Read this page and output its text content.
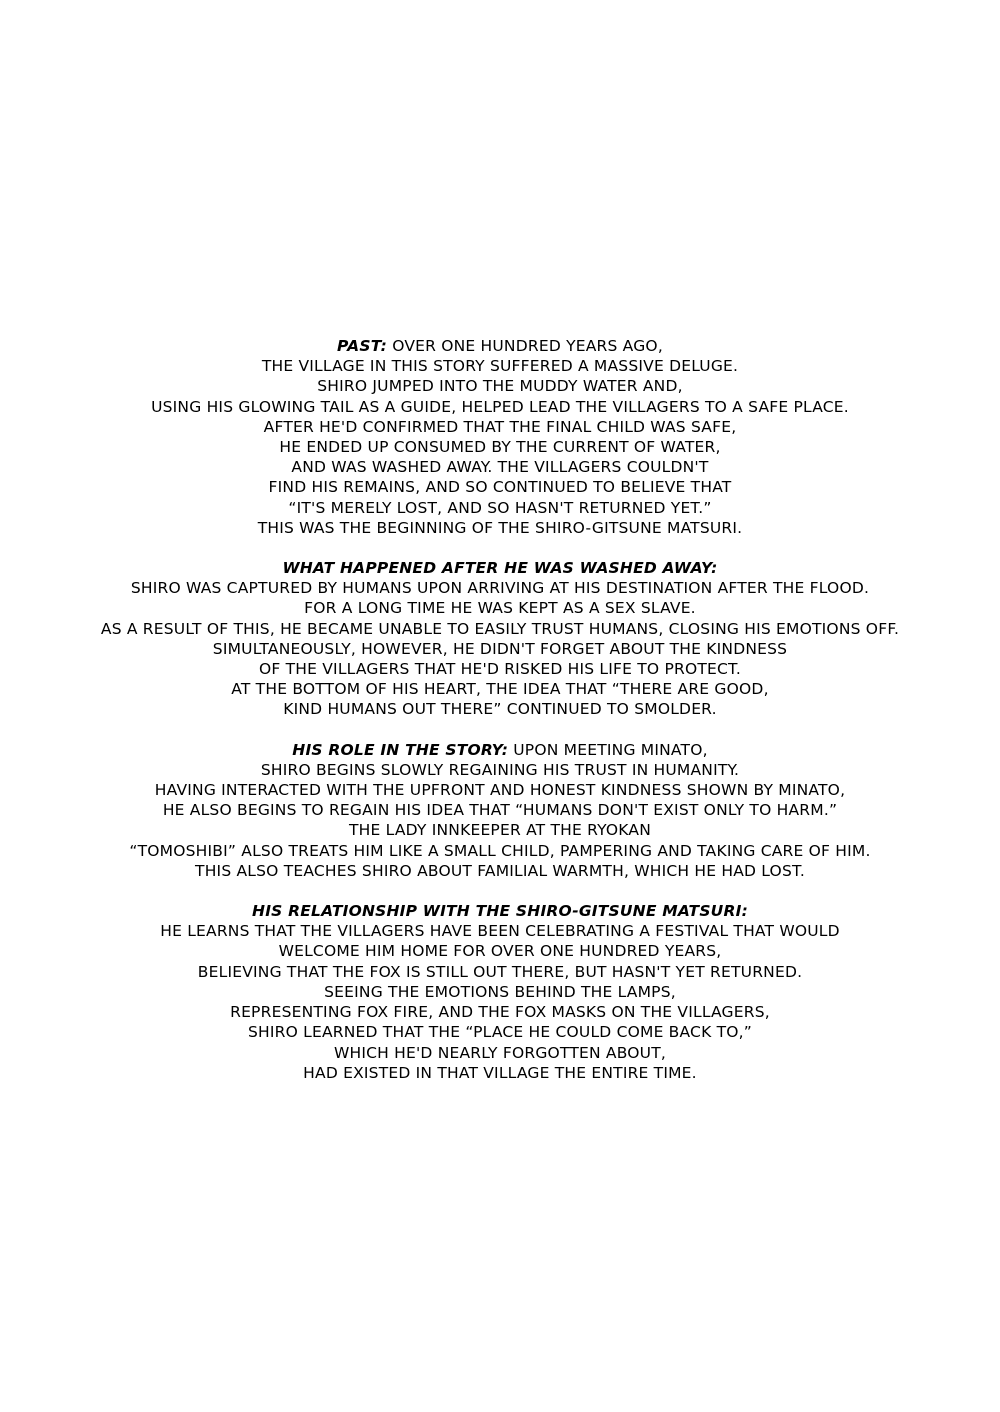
PAST: OVER ONE HUNDRED YEARS AGO,
THE VILLAGE IN THIS STORY SUFFERED A MASSIVE DELUGE.
SHIRO JUMPED INTO THE MUDDY WATER AND,
USING HIS GLOWING TAIL AS A GUIDE, HELPED LEAD THE VILLAGERS TO A SAFE PLACE.
AFTER HE'D CONFIRMED THAT THE FINAL CHILD WAS SAFE,
HE ENDED UP CONSUMED BY THE CURRENT OF WATER,
AND WAS WASHED AWAY. THE VILLAGERS COULDN'T
FIND HIS REMAINS, AND SO CONTINUED TO BELIEVE THAT
“IT'S MERELY LOST, AND SO HASN'T RETURNED YET.”
THIS WAS THE BEGINNING OF THE SHIRO-GITSUNE MATSURI.
WHAT HAPPENED AFTER HE WAS WASHED AWAY:
SHIRO WAS CAPTURED BY HUMANS UPON ARRIVING AT HIS DESTINATION AFTER THE FLOOD.
FOR A LONG TIME HE WAS KEPT AS A SEX SLAVE.
AS A RESULT OF THIS, HE BECAME UNABLE TO EASILY TRUST HUMANS, CLOSING HIS EMOTIONS OFF.
SIMULTANEOUSLY, HOWEVER, HE DIDN'T FORGET ABOUT THE KINDNESS
OF THE VILLAGERS THAT HE'D RISKED HIS LIFE TO PROTECT.
AT THE BOTTOM OF HIS HEART, THE IDEA THAT “THERE ARE GOOD,
KIND HUMANS OUT THERE” CONTINUED TO SMOLDER.
HIS ROLE IN THE STORY: UPON MEETING MINATO,
SHIRO BEGINS SLOWLY REGAINING HIS TRUST IN HUMANITY.
HAVING INTERACTED WITH THE UPFRONT AND HONEST KINDNESS SHOWN BY MINATO,
HE ALSO BEGINS TO REGAIN HIS IDEA THAT “HUMANS DON'T EXIST ONLY TO HARM.”
THE LADY INNKEEPER AT THE RYOKAN
“TOMOSHIBI” ALSO TREATS HIM LIKE A SMALL CHILD, PAMPERING AND TAKING CARE OF HIM.
THIS ALSO TEACHES SHIRO ABOUT FAMILIAL WARMTH, WHICH HE HAD LOST.
HIS RELATIONSHIP WITH THE SHIRO-GITSUNE MATSURI:
HE LEARNS THAT THE VILLAGERS HAVE BEEN CELEBRATING A FESTIVAL THAT WOULD
WELCOME HIM HOME FOR OVER ONE HUNDRED YEARS,
BELIEVING THAT THE FOX IS STILL OUT THERE, BUT HASN'T YET RETURNED.
SEEING THE EMOTIONS BEHIND THE LAMPS,
REPRESENTING FOX FIRE, AND THE FOX MASKS ON THE VILLAGERS,
SHIRO LEARNED THAT THE “PLACE HE COULD COME BACK TO,”
WHICH HE'D NEARLY FORGOTTEN ABOUT,
HAD EXISTED IN THAT VILLAGE THE ENTIRE TIME.
